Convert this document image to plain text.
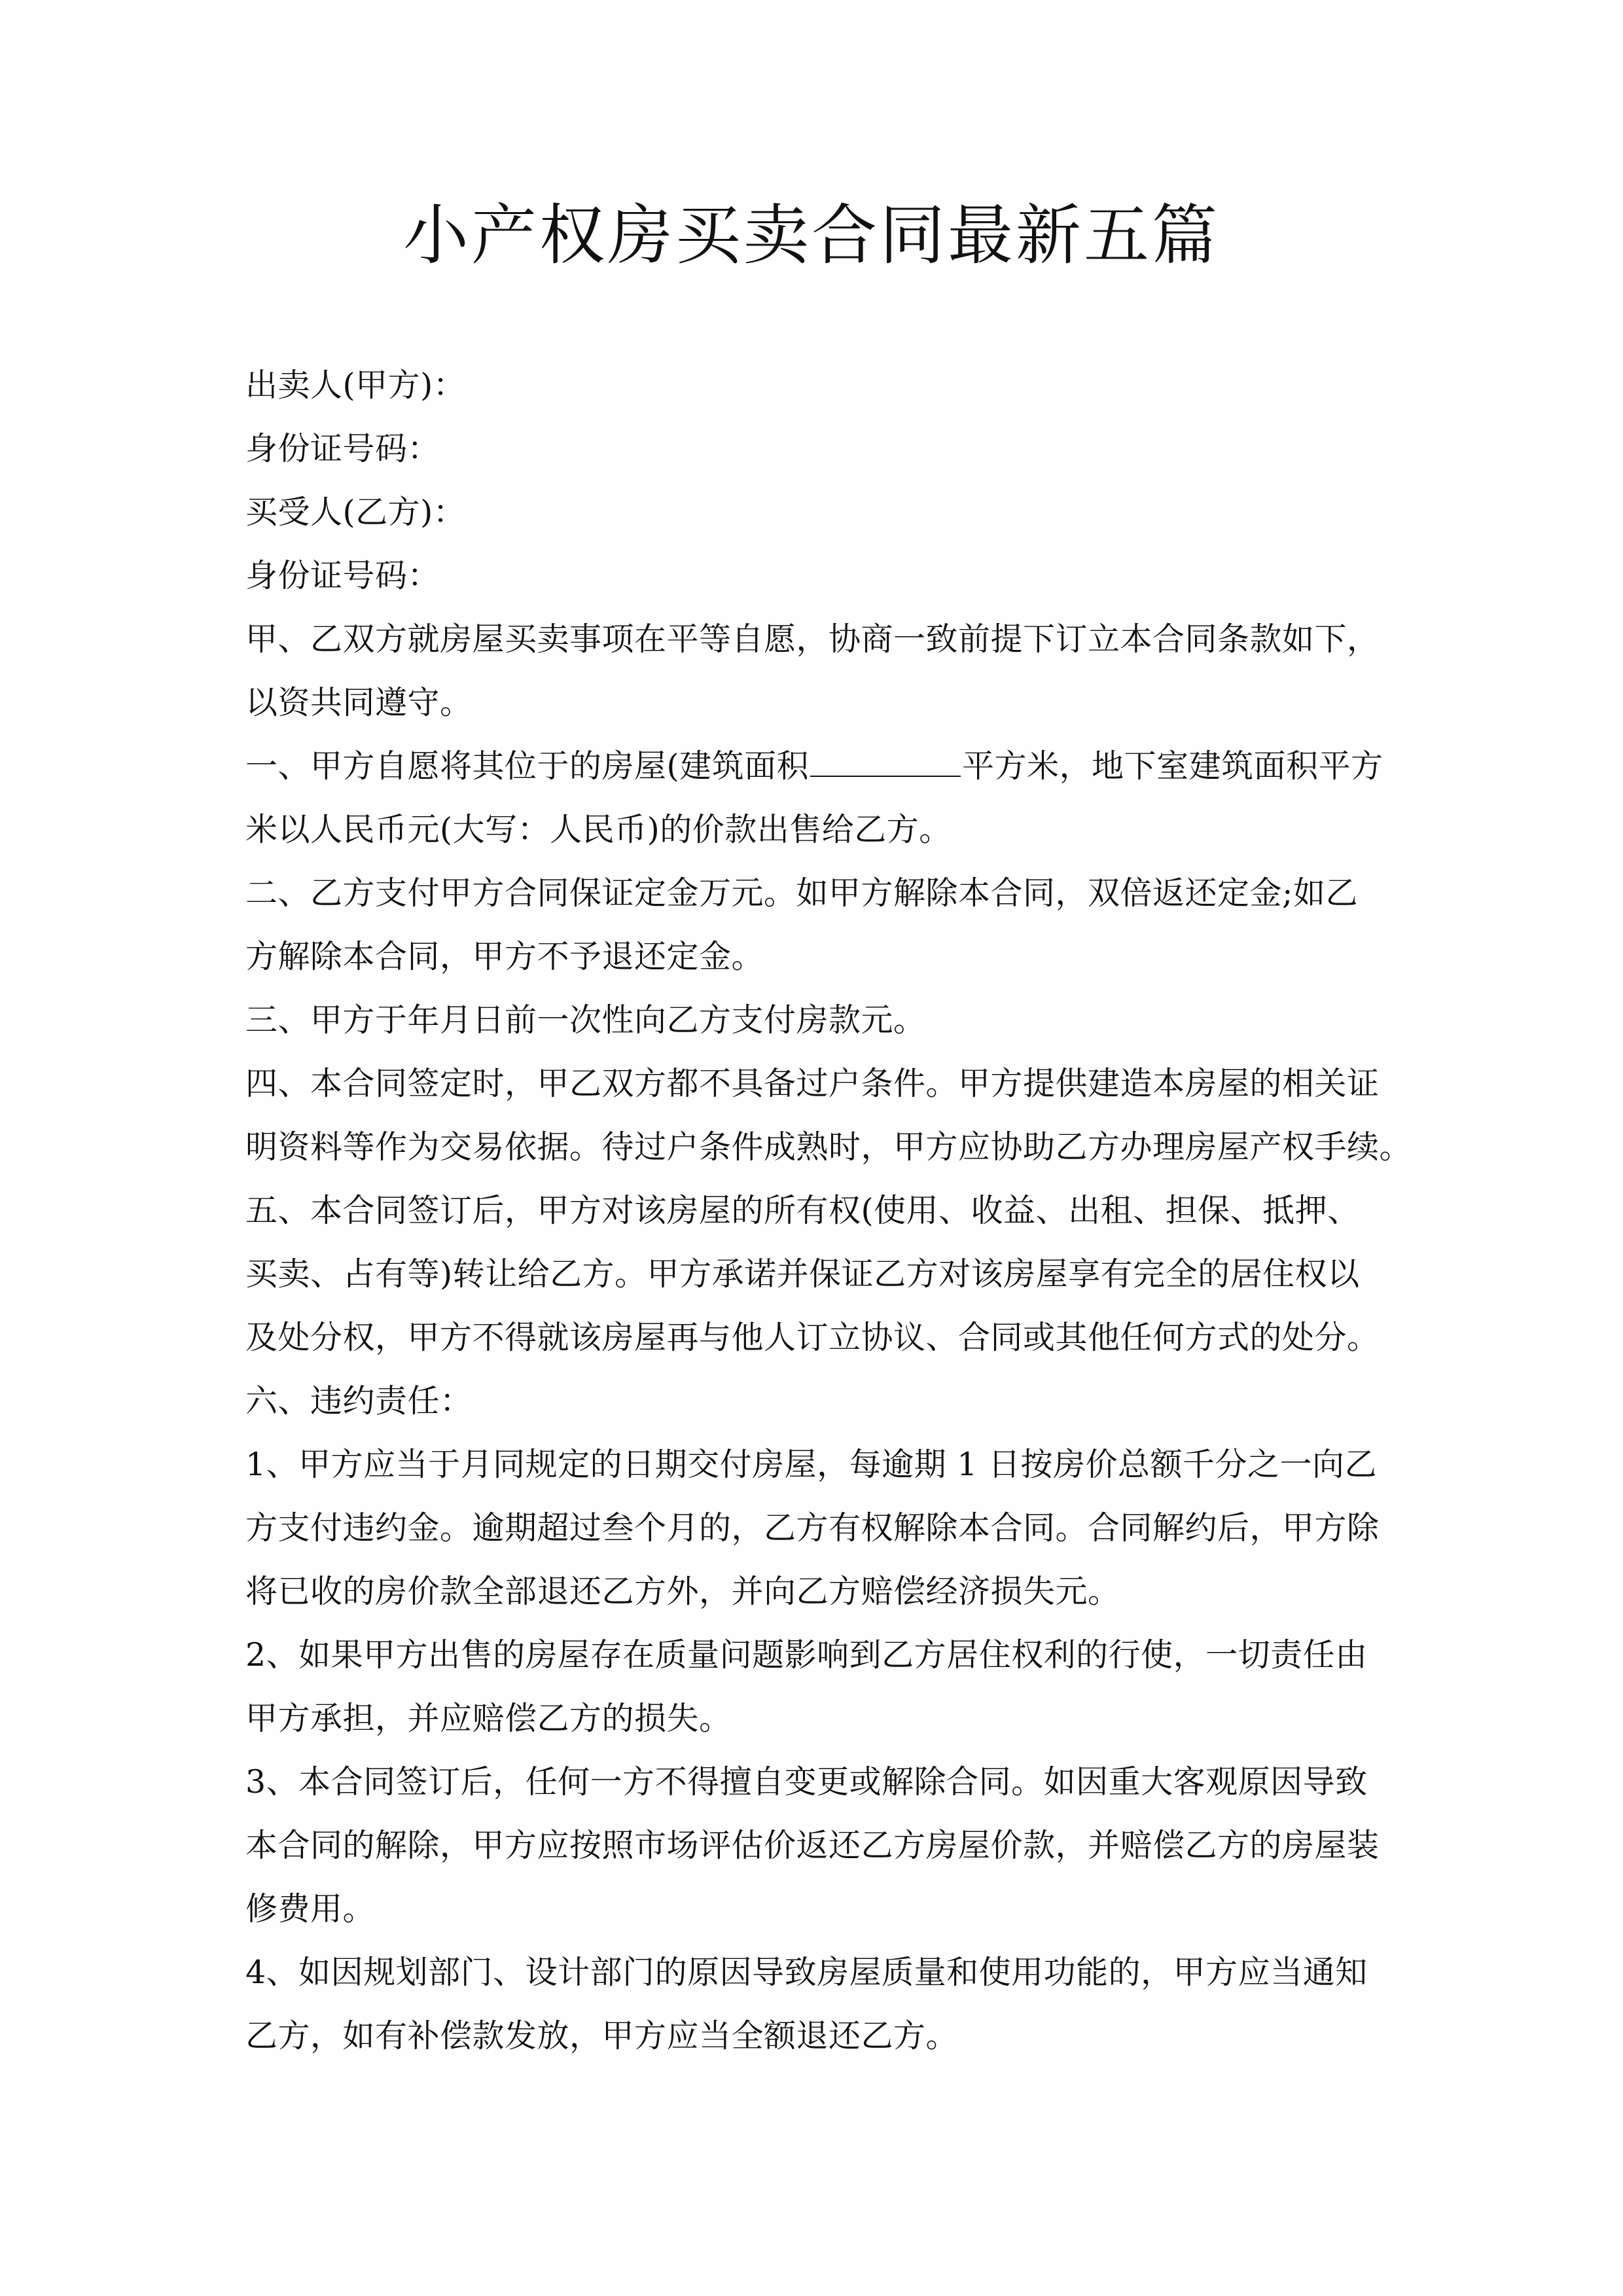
小产权房买卖合同最新五篇
出卖人(甲方)：
身份证号码：
买受人(乙方)：
身份证号码：
甲、乙双方就房屋买卖事项在平等自愿，协商一致前提下订立本合同条款如下，
以资共同遵守。
一、甲方自愿将其位于的房屋(建筑面积	平方米，地下室建筑面积平方
米以人民币元(大写：人民币)的价款出售给乙方。
二、乙方支付甲方合同保证定金万元。如甲方解除本合同，双倍返还定金;如乙
方解除本合同，甲方不予退还定金。
三、甲方于年月日前一次性向乙方支付房款元。
四、本合同签定时，甲乙双方都不具备过户条件。甲方提供建造本房屋的相关证
明资料等作为交易依据。待过户条件成熟时，甲方应协助乙方办理房屋产权手续。
五、本合同签订后，甲方对该房屋的所有权(使用、收益、出租、担保、抵押、
买卖、占有等)转让给乙方。甲方承诺并保证乙方对该房屋享有完全的居住权以
及处分权，甲方不得就该房屋再与他人订立协议、合同或其他任何方式的处分。
六、违约责任：
1、甲方应当于月同规定的日期交付房屋，每逾期 1 日按房价总额千分之一向乙
方支付违约金。逾期超过叁个月的，乙方有权解除本合同。合同解约后，甲方除
将已收的房价款全部退还乙方外，并向乙方赔偿经济损失元。
2、如果甲方出售的房屋存在质量问题影响到乙方居住权利的行使，一切责任由
甲方承担，并应赔偿乙方的损失。
3、本合同签订后，任何一方不得擅自变更或解除合同。如因重大客观原因导致
本合同的解除，甲方应按照市场评估价返还乙方房屋价款，并赔偿乙方的房屋装
修费用。
4、如因规划部门、设计部门的原因导致房屋质量和使用功能的，甲方应当通知
乙方，如有补偿款发放，甲方应当全额退还乙方。
